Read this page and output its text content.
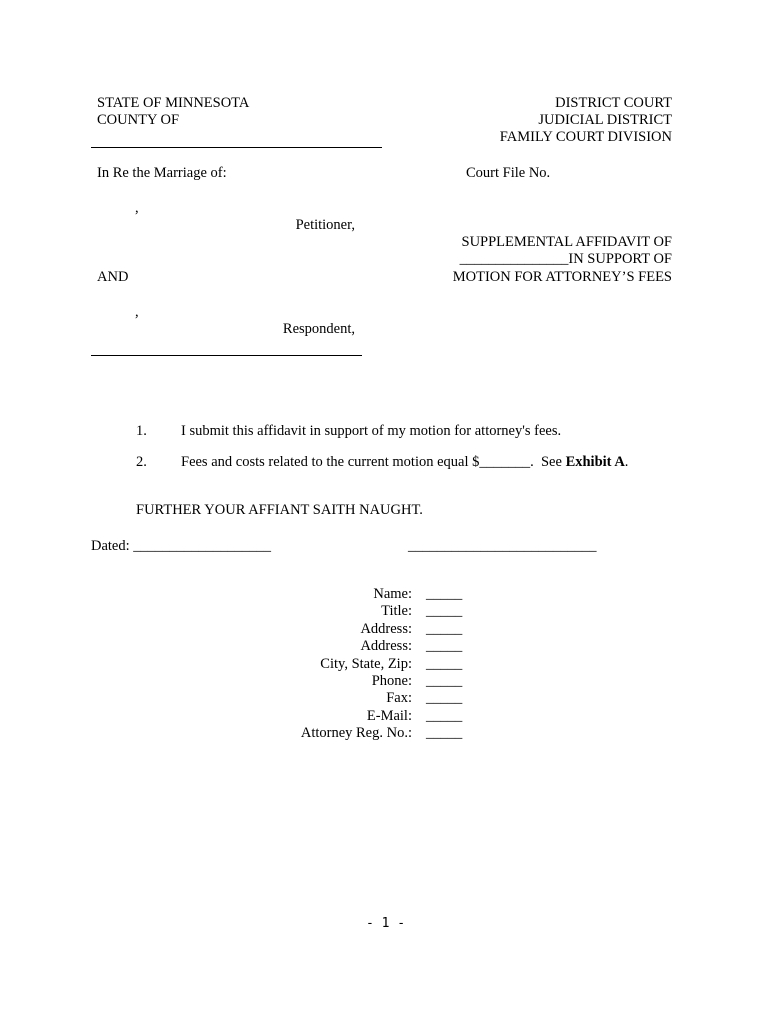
STATE OF MINNESOTA
COUNTY OF
DISTRICT COURT
JUDICIAL DISTRICT
FAMILY COURT DIVISION
In Re the Marriage of:	Court File No.
,
Petitioner,
SUPPLEMENTAL AFFIDAVIT OF
_______________IN SUPPORT OF
MOTION FOR ATTORNEY’S FEES
AND
,
Respondent,
1. I submit this affidavit in support of my motion for attorney's fees.
2. Fees and costs related to the current motion equal $_______.  See Exhibit A.
FURTHER YOUR AFFIANT SAITH NAUGHT.
Dated: ___________________	__________________________
Name: _____
Title: _____
Address: _____
Address: _____
City, State, Zip: _____
Phone: _____
Fax: _____
E-Mail: _____
Attorney Reg. No.: _____
- 1 -
